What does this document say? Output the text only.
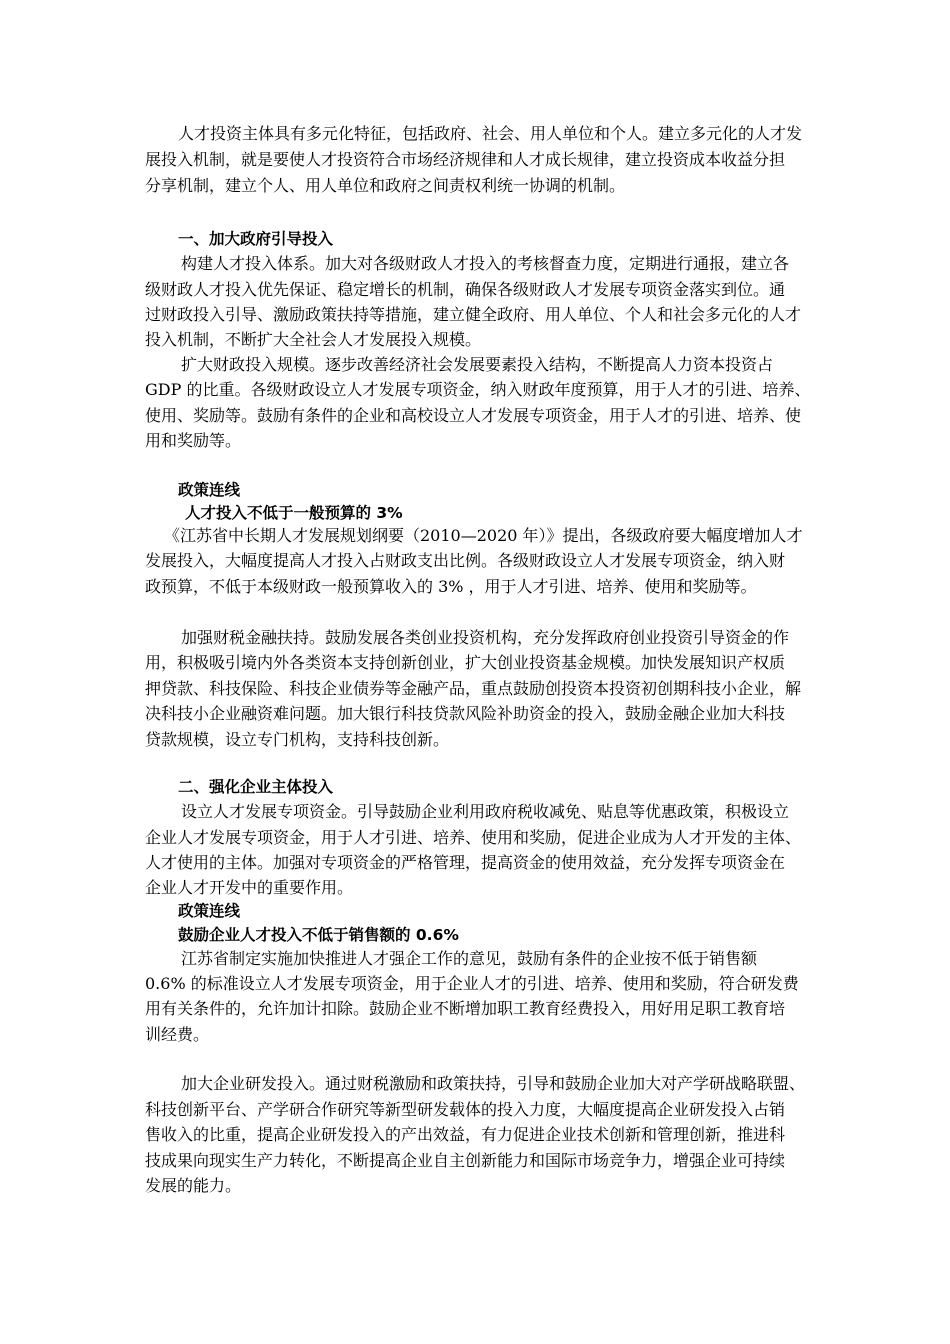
人才投资主体具有多元化特征，包括政府、社会、用人单位和个人。建立多元化的人才发
展投入机制，就是要使人才投资符合市场经济规律和人才成长规律，建立投资成本收益分担
分享机制，建立个人、用人单位和政府之间责权利统一协调的机制。
一、加大政府引导投入
构建人才投入体系。加大对各级财政人才投入的考核督查力度，定期进行通报，建立各
级财政人才投入优先保证、稳定增长的机制，确保各级财政人才发展专项资金落实到位。通
过财政投入引导、激励政策扶持等措施，建立健全政府、用人单位、个人和社会多元化的人才
投入机制，不断扩大全社会人才发展投入规模。
扩大财政投入规模。逐步改善经济社会发展要素投入结构，不断提高人力资本投资占
GDP 的比重。各级财政设立人才发展专项资金，纳入财政年度预算，用于人才的引进、培养、
使用、奖励等。鼓励有条件的企业和高校设立人才发展专项资金，用于人才的引进、培养、使
用和奖励等。
政策连线
人才投入不低于一般预算的 3%
《江苏省中长期人才发展规划纲要（2010—2020 年）》提出，各级政府要大幅度增加人才
发展投入，大幅度提高人才投入占财政支出比例。各级财政设立人才发展专项资金，纳入财
政预算，不低于本级财政一般预算收入的 3% ，用于人才引进、培养、使用和奖励等。
加强财税金融扶持。鼓励发展各类创业投资机构，充分发挥政府创业投资引导资金的作
用，积极吸引境内外各类资本支持创新创业，扩大创业投资基金规模。加快发展知识产权质
押贷款、科技保险、科技企业债券等金融产品，重点鼓励创投资本投资初创期科技小企业，解
决科技小企业融资难问题。加大银行科技贷款风险补助资金的投入，鼓励金融企业加大科技
贷款规模，设立专门机构，支持科技创新。
二、强化企业主体投入
设立人才发展专项资金。引导鼓励企业利用政府税收减免、贴息等优惠政策，积极设立
企业人才发展专项资金，用于人才引进、培养、使用和奖励，促进企业成为人才开发的主体、
人才使用的主体。加强对专项资金的严格管理，提高资金的使用效益，充分发挥专项资金在
企业人才开发中的重要作用。
政策连线
鼓励企业人才投入不低于销售额的 0.6%
江苏省制定实施加快推进人才强企工作的意见，鼓励有条件的企业按不低于销售额
0.6% 的标准设立人才发展专项资金，用于企业人才的引进、培养、使用和奖励，符合研发费
用有关条件的，允许加计扣除。鼓励企业不断增加职工教育经费投入，用好用足职工教育培
训经费。
加大企业研发投入。通过财税激励和政策扶持，引导和鼓励企业加大对产学研战略联盟、
科技创新平台、产学研合作研究等新型研发载体的投入力度，大幅度提高企业研发投入占销
售收入的比重，提高企业研发投入的产出效益，有力促进企业技术创新和管理创新，推进科
技成果向现实生产力转化，不断提高企业自主创新能力和国际市场竞争力，增强企业可持续
发展的能力。
